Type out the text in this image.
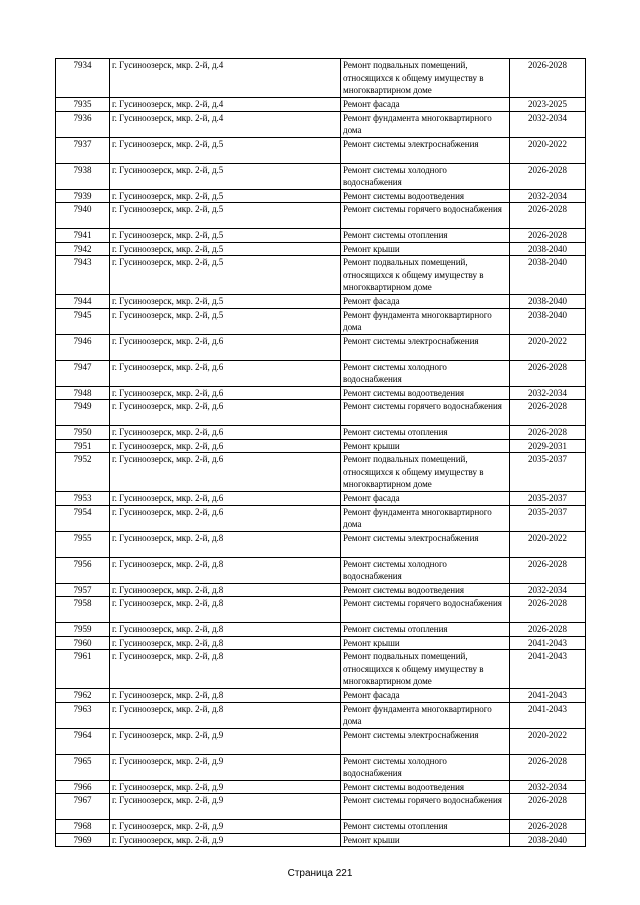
7934	г. Гусиноозерск, мкр. 2-й, д.4	Ремонт подвальных помещений, относящихся к общему имуществу в многоквартирном доме	2026-2028
7935	г. Гусиноозерск, мкр. 2-й, д.4	Ремонт фасада	2023-2025
7936	г. Гусиноозерск, мкр. 2-й, д.4	Ремонт фундамента многоквартирного дома	2032-2034
7937	г. Гусиноозерск, мкр. 2-й, д.5	Ремонт системы электроснабжения	2020-2022
7938	г. Гусиноозерск, мкр. 2-й, д.5	Ремонт системы холодного водоснабжения	2026-2028
7939	г. Гусиноозерск, мкр. 2-й, д.5	Ремонт системы водоотведения	2032-2034
7940	г. Гусиноозерск, мкр. 2-й, д.5	Ремонт системы горячего водоснабжения	2026-2028
7941	г. Гусиноозерск, мкр. 2-й, д.5	Ремонт системы отопления	2026-2028
7942	г. Гусиноозерск, мкр. 2-й, д.5	Ремонт крыши	2038-2040
7943	г. Гусиноозерск, мкр. 2-й, д.5	Ремонт подвальных помещений, относящихся к общему имуществу в многоквартирном доме	2038-2040
7944	г. Гусиноозерск, мкр. 2-й, д.5	Ремонт фасада	2038-2040
7945	г. Гусиноозерск, мкр. 2-й, д.5	Ремонт фундамента многоквартирного дома	2038-2040
7946	г. Гусиноозерск, мкр. 2-й, д.6	Ремонт системы электроснабжения	2020-2022
7947	г. Гусиноозерск, мкр. 2-й, д.6	Ремонт системы холодного водоснабжения	2026-2028
7948	г. Гусиноозерск, мкр. 2-й, д.6	Ремонт системы водоотведения	2032-2034
7949	г. Гусиноозерск, мкр. 2-й, д.6	Ремонт системы горячего водоснабжения	2026-2028
7950	г. Гусиноозерск, мкр. 2-й, д.6	Ремонт системы отопления	2026-2028
7951	г. Гусиноозерск, мкр. 2-й, д.6	Ремонт крыши	2029-2031
7952	г. Гусиноозерск, мкр. 2-й, д.6	Ремонт подвальных помещений, относящихся к общему имуществу в многоквартирном доме	2035-2037
7953	г. Гусиноозерск, мкр. 2-й, д.6	Ремонт фасада	2035-2037
7954	г. Гусиноозерск, мкр. 2-й, д.6	Ремонт фундамента многоквартирного дома	2035-2037
7955	г. Гусиноозерск, мкр. 2-й, д.8	Ремонт системы электроснабжения	2020-2022
7956	г. Гусиноозерск, мкр. 2-й, д.8	Ремонт системы холодного водоснабжения	2026-2028
7957	г. Гусиноозерск, мкр. 2-й, д.8	Ремонт системы водоотведения	2032-2034
7958	г. Гусиноозерск, мкр. 2-й, д.8	Ремонт системы горячего водоснабжения	2026-2028
7959	г. Гусиноозерск, мкр. 2-й, д.8	Ремонт системы отопления	2026-2028
7960	г. Гусиноозерск, мкр. 2-й, д.8	Ремонт крыши	2041-2043
7961	г. Гусиноозерск, мкр. 2-й, д.8	Ремонт подвальных помещений, относящихся к общему имуществу в многоквартирном доме	2041-2043
7962	г. Гусиноозерск, мкр. 2-й, д.8	Ремонт фасада	2041-2043
7963	г. Гусиноозерск, мкр. 2-й, д.8	Ремонт фундамента многоквартирного дома	2041-2043
7964	г. Гусиноозерск, мкр. 2-й, д.9	Ремонт системы электроснабжения	2020-2022
7965	г. Гусиноозерск, мкр. 2-й, д.9	Ремонт системы холодного водоснабжения	2026-2028
7966	г. Гусиноозерск, мкр. 2-й, д.9	Ремонт системы водоотведения	2032-2034
7967	г. Гусиноозерск, мкр. 2-й, д.9	Ремонт системы горячего водоснабжения	2026-2028
7968	г. Гусиноозерск, мкр. 2-й, д.9	Ремонт системы отопления	2026-2028
7969	г. Гусиноозерск, мкр. 2-й, д.9	Ремонт крыши	2038-2040
Страница 221
